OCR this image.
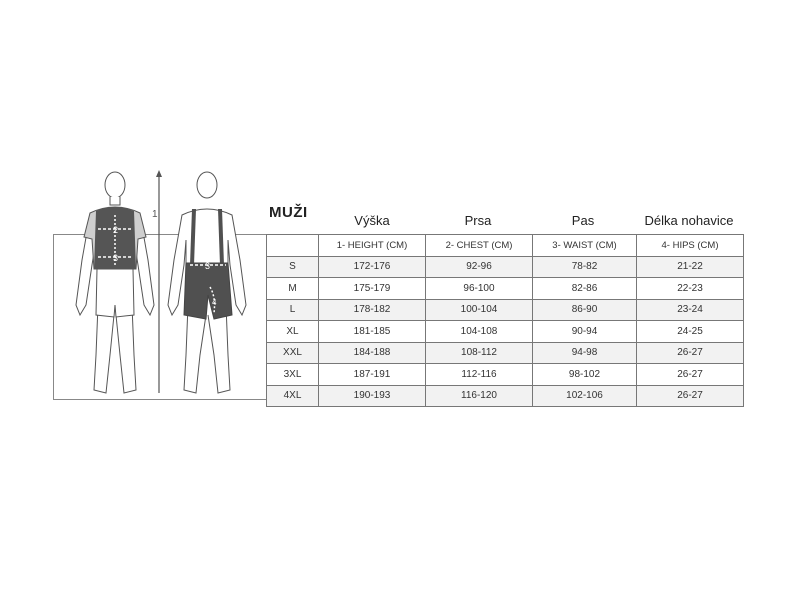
2
3
1
3
4
MUŽI	Výška	Prsa	Pas	Délka nohavice
	1- HEIGHT (CM)	2- CHEST (CM)	3- WAIST (CM)	4- HIPS (CM)
S	172-176	92-96	78-82	21-22
M	175-179	96-100	82-86	22-23
L	178-182	100-104	86-90	23-24
XL	181-185	104-108	90-94	24-25
XXL	184-188	108-112	94-98	26-27
3XL	187-191	112-116	98-102	26-27
4XL	190-193	116-120	102-106	26-27
